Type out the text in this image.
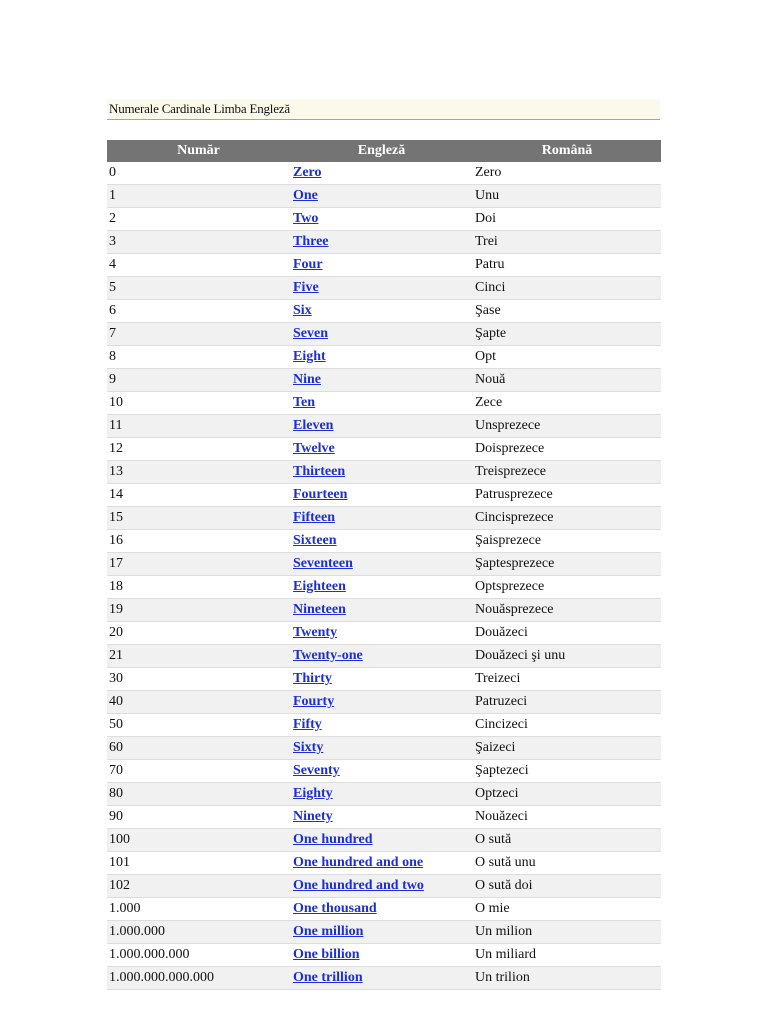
Numerale Cardinale Limba Engleză
Număr	Engleză	Română
0	Zero	Zero
1	One	Unu
2	Two	Doi
3	Three	Trei
4	Four	Patru
5	Five	Cinci
6	Six	Şase
7	Seven	Şapte
8	Eight	Opt
9	Nine	Nouă
10	Ten	Zece
11	Eleven	Unsprezece
12	Twelve	Doisprezece
13	Thirteen	Treisprezece
14	Fourteen	Patrusprezece
15	Fifteen	Cincisprezece
16	Sixteen	Şaisprezece
17	Seventeen	Şaptesprezece
18	Eighteen	Optsprezece
19	Nineteen	Nouăsprezece
20	Twenty	Douăzeci
21	Twenty-one	Douăzeci şi unu
30	Thirty	Treizeci
40	Fourty	Patruzeci
50	Fifty	Cincizeci
60	Sixty	Şaizeci
70	Seventy	Şaptezeci
80	Eighty	Optzeci
90	Ninety	Nouăzeci
100	One hundred	O sută
101	One hundred and one	O sută unu
102	One hundred and two	O sută doi
1.000	One thousand	O mie
1.000.000	One million	Un milion
1.000.000.000	One billion	Un miliard
1.000.000.000.000	One trillion	Un trilion
